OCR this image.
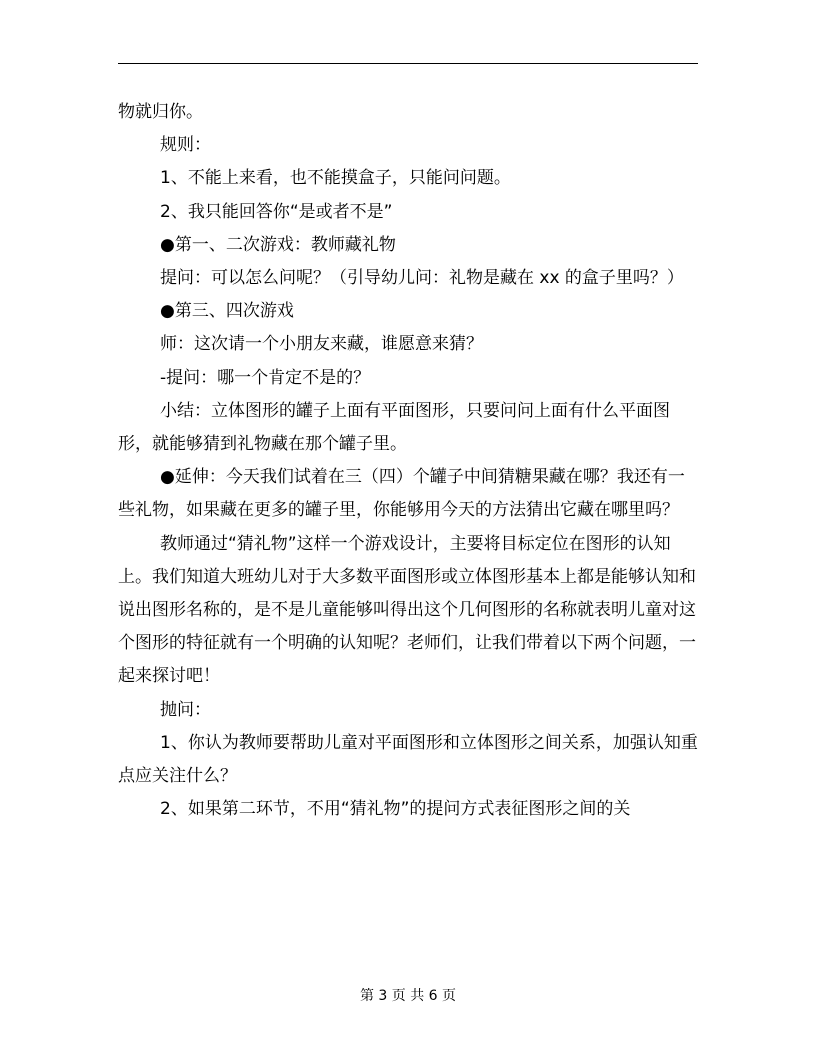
物就归你。

规则：

1、不能上来看，也不能摸盒子，只能问问题。

2、我只能回答你“是或者不是”

●第一、二次游戏：教师藏礼物

提问：可以怎么问呢？（引导幼儿问：礼物是藏在 xx 的盒子里吗？）

●第三、四次游戏

师：这次请一个小朋友来藏，谁愿意来猜？

-提问：哪一个肯定不是的？

小结：立体图形的罐子上面有平面图形，只要问问上面有什么平面图形，就能够猜到礼物藏在那个罐子里。

●延伸：今天我们试着在三（四）个罐子中间猜糖果藏在哪？我还有一些礼物，如果藏在更多的罐子里，你能够用今天的方法猜出它藏在哪里吗？

教师通过“猜礼物”这样一个游戏设计，主要将目标定位在图形的认知上。我们知道大班幼儿对于大多数平面图形或立体图形基本上都是能够认知和说出图形名称的，是不是儿童能够叫得出这个几何图形的名称就表明儿童对这个图形的特征就有一个明确的认知呢？老师们，让我们带着以下两个问题，一起来探讨吧！

抛问：

1、你认为教师要帮助儿童对平面图形和立体图形之间关系，加强认知重点应关注什么？

2、如果第二环节，不用“猜礼物”的提问方式表征图形之间的关

第 3 页 共 6 页
